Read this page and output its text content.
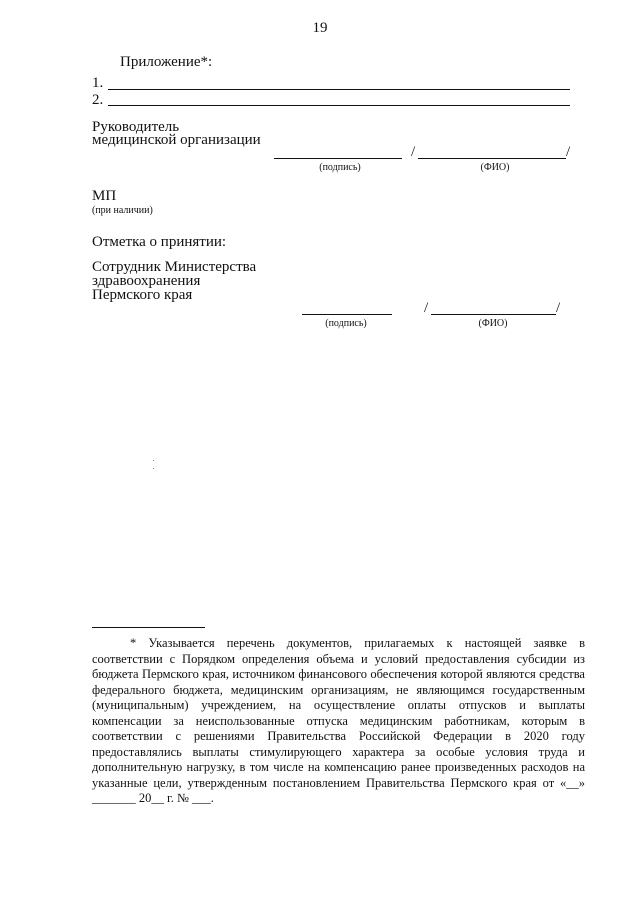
19
Приложение*:
1.
2.
Руководитель
медицинской организации
/	/
(подпись)	(ФИО)
МП
(при наличии)
Отметка о принятии:
Сотрудник Министерства
здравоохранения
Пермского края
/	/
(подпись)	(ФИО)
* Указывается перечень документов, прилагаемых к настоящей заявке в соответствии с Порядком определения объема и условий предоставления субсидии из бюджета Пермского края, источником финансового обеспечения которой являются средства федерального бюджета, медицинским организациям, не являющимся государственным (муниципальным) учреждением, на осуществление оплаты отпусков и выплаты компенсации за неиспользованные отпуска медицинским работникам, которым в соответствии с решениями Правительства Российской Федерации в 2020 году предоставлялись выплаты стимулирующего характера за особые условия труда и дополнительную нагрузку, в том числе на компенсацию ранее произведенных расходов на указанные цели, утвержденным постановлением Правительства Пермского края от «__» _______ 20__ г. № ___.
